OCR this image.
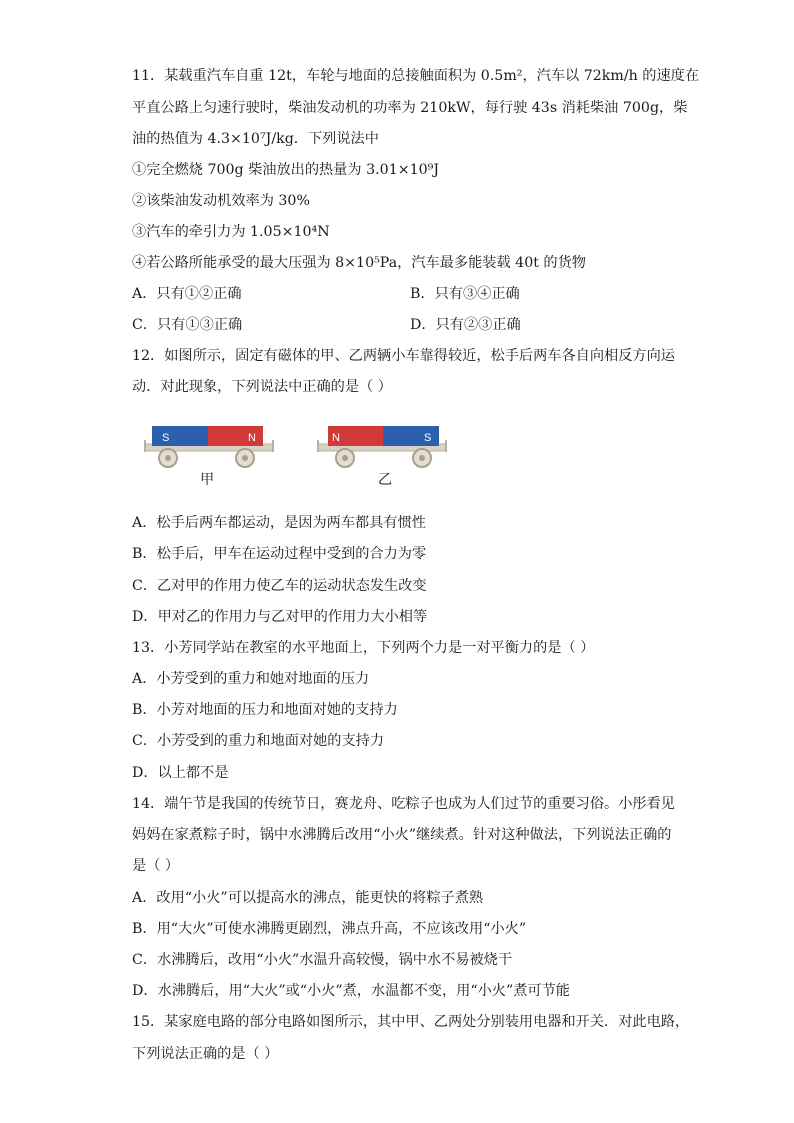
11．某载重汽车自重 12t，车轮与地面的总接触面积为 0.5m²，汽车以 72km/h 的速度在
平直公路上匀速行驶时，柴油发动机的功率为 210kW，每行驶 43s 消耗柴油 700g，柴
油的热值为 4.3×10⁷J/kg．下列说法中
①完全燃烧 700g 柴油放出的热量为 3.01×10⁹J
②该柴油发动机效率为 30%
③汽车的牵引力为 1.05×10⁴N
④若公路所能承受的最大压强为 8×10⁵Pa，汽车最多能装载 40t 的货物
A．只有①②正确	B．只有③④正确
C．只有①③正确	D．只有②③正确
12．如图所示，固定有磁体的甲、乙两辆小车靠得较近，松手后两车各自向相反方向运
动．对此现象，下列说法中正确的是（ ）
S	N	N	S
甲	乙
A．松手后两车都运动，是因为两车都具有惯性
B．松手后，甲车在运动过程中受到的合力为零
C．乙对甲的作用力使乙车的运动状态发生改变
D．甲对乙的作用力与乙对甲的作用力大小相等
13．小芳同学站在教室的水平地面上，下列两个力是一对平衡力的是（ ）
A．小芳受到的重力和她对地面的压力
B．小芳对地面的压力和地面对她的支持力
C．小芳受到的重力和地面对她的支持力
D．以上都不是
14．端午节是我国的传统节日，赛龙舟、吃粽子也成为人们过节的重要习俗。小彤看见
妈妈在家煮粽子时，锅中水沸腾后改用“小火”继续煮。针对这种做法，下列说法正确的
是（ ）
A．改用“小火”可以提高水的沸点，能更快的将粽子煮熟
B．用“大火”可使水沸腾更剧烈，沸点升高，不应该改用“小火”
C．水沸腾后，改用“小火”水温升高较慢，锅中水不易被烧干
D．水沸腾后，用“大火”或“小火”煮，水温都不变，用“小火”煮可节能
15．某家庭电路的部分电路如图所示，其中甲、乙两处分别装用电器和开关．对此电路，
下列说法正确的是（ ）
